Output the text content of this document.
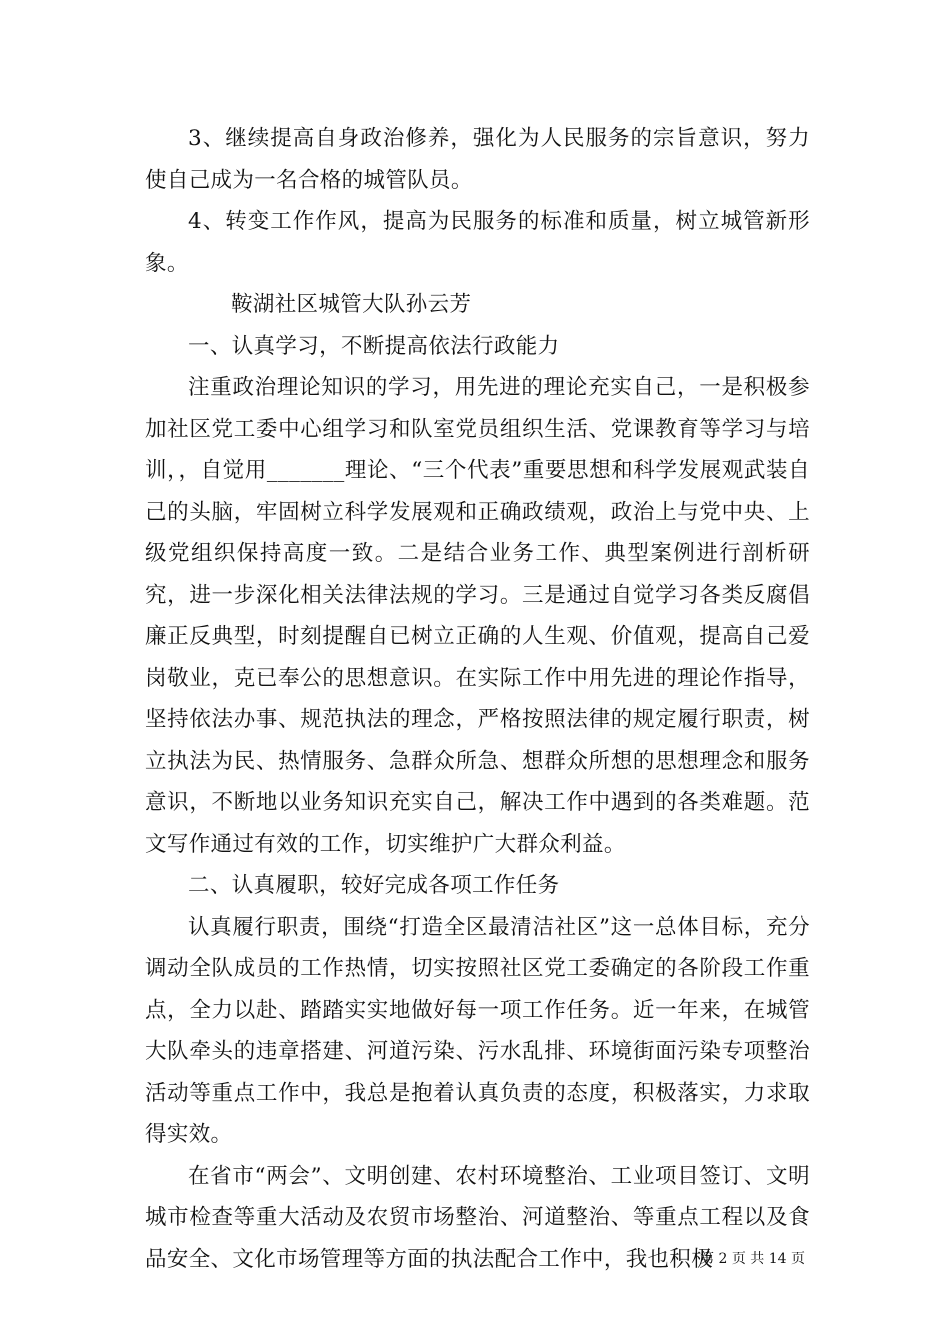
3、继续提高自身政治修养，强化为人民服务的宗旨意识，努力使自己成为一名合格的城管队员。

4、转变工作作风，提高为民服务的标准和质量，树立城管新形象。

鞍湖社区城管大队孙云芳

一、认真学习，不断提高依法行政能力

注重政治理论知识的学习，用先进的理论充实自己，一是积极参加社区党工委中心组学习和队室党员组织生活、党课教育等学习与培训，，自觉用_______理论、“三个代表”重要思想和科学发展观武装自己的头脑，牢固树立科学发展观和正确政绩观，政治上与党中央、上级党组织保持高度一致。二是结合业务工作、典型案例进行剖析研究，进一步深化相关法律法规的学习。三是通过自觉学习各类反腐倡廉正反典型，时刻提醒自已树立正确的人生观、价值观，提高自己爱岗敬业，克已奉公的思想意识。在实际工作中用先进的理论作指导，坚持依法办事、规范执法的理念，严格按照法律的规定履行职责，树立执法为民、热情服务、急群众所急、想群众所想的思想理念和服务意识，不断地以业务知识充实自己，解决工作中遇到的各类难题。范文写作通过有效的工作，切实维护广大群众利益。

二、认真履职，较好完成各项工作任务

认真履行职责，围绕“打造全区最清洁社区”这一总体目标，充分调动全队成员的工作热情，切实按照社区党工委确定的各阶段工作重点，全力以赴、踏踏实实地做好每一项工作任务。近一年来，在城管大队牵头的违章搭建、河道污染、污水乱排、环境街面污染专项整治活动等重点工作中，我总是抱着认真负责的态度，积极落实，力求取得实效。

在省市“两会”、文明创建、农村环境整治、工业项目签订、文明城市检查等重大活动及农贸市场整治、河道整治、等重点工程以及食品安全、文化市场管理等方面的执法配合工作中，我也积极

第 2 页 共 14 页
